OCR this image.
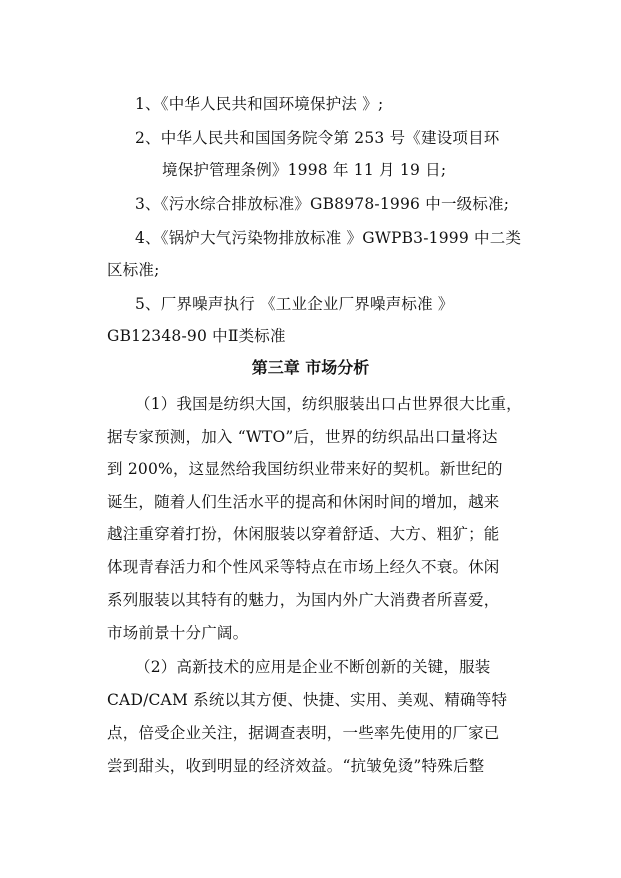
1、《中华人民共和国环境保护法 》;
2、中华人民共和国国务院令第 253 号《建设项目环
境保护管理条例》1998 年 11 月 19 日;
3、《污水综合排放标准》GB8978-1996 中一级标准;
4、《锅炉大气污染物排放标准 》GWPB3-1999 中二类
区标准;
5、厂界噪声执行 《工业企业厂界噪声标准 》
GB12348-90 中Ⅱ类标准
第三章 市场分析
（1）我国是纺织大国，纺织服装出口占世界很大比重，
据专家预测，加入 “WTO”后，世界的纺织品出口量将达
到 200%，这显然给我国纺织业带来好的契机。新世纪的
诞生，随着人们生活水平的提高和休闲时间的增加，越来
越注重穿着打扮，休闲服装以穿着舒适、大方、粗犷；能
体现青春活力和个性风采等特点在市场上经久不衰。休闲
系列服装以其特有的魅力，为国内外广大消费者所喜爱，
市场前景十分广阔。
（2）高新技术的应用是企业不断创新的关键，服装
CAD/CAM 系统以其方便、快捷、实用、美观、精确等特
点，倍受企业关注，据调查表明，一些率先使用的厂家已
尝到甜头，收到明显的经济效益。“抗皱免烫”特殊后整
